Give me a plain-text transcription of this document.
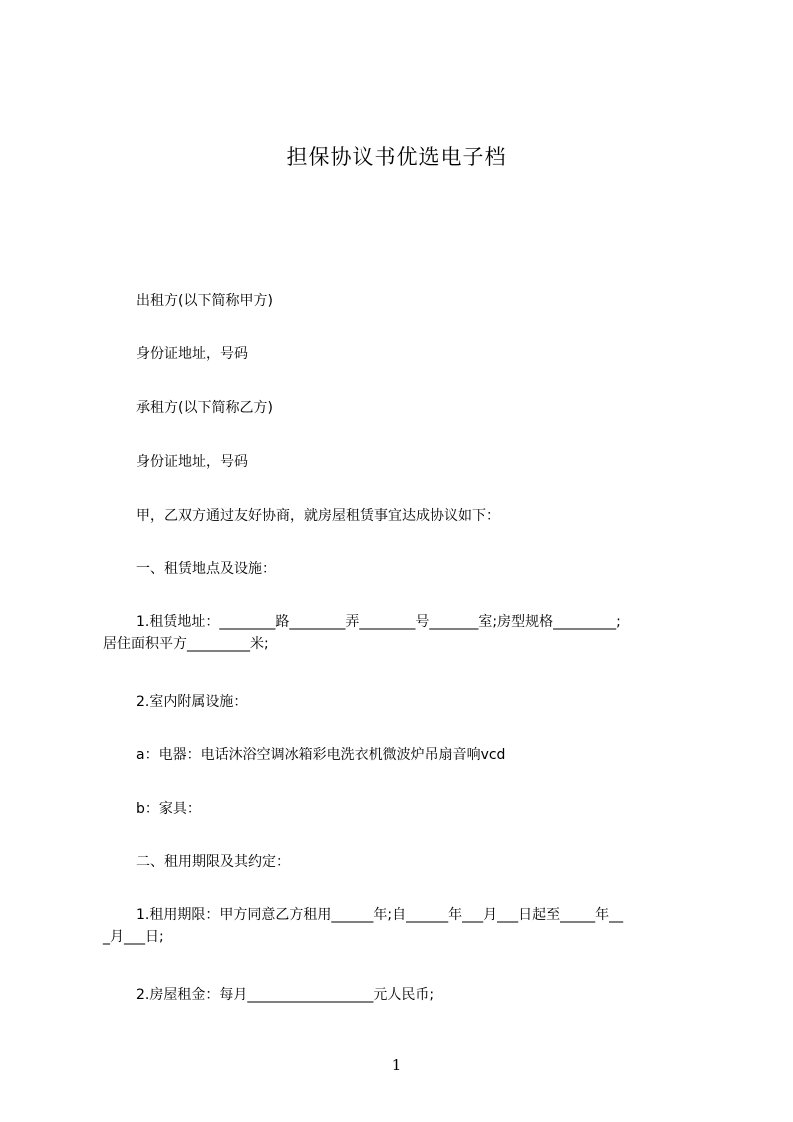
担保协议书优选电子档
出租方(以下简称甲方)
身份证地址，号码
承租方(以下简称乙方)
身份证地址，号码
甲，乙双方通过友好协商，就房屋租赁事宜达成协议如下：
一、租赁地点及设施：
1.租赁地址：________路________弄________号_______室;房型规格_________;
居住面积平方_________米;
2.室内附属设施：
a：电器：电话沐浴空调冰箱彩电洗衣机微波炉吊扇音响vcd
b：家具：
二、租用期限及其约定：
1.租用期限：甲方同意乙方租用______年;自______年___月___日起至_____年__
_月___日;
2.房屋租金：每月__________________元人民币;
1
